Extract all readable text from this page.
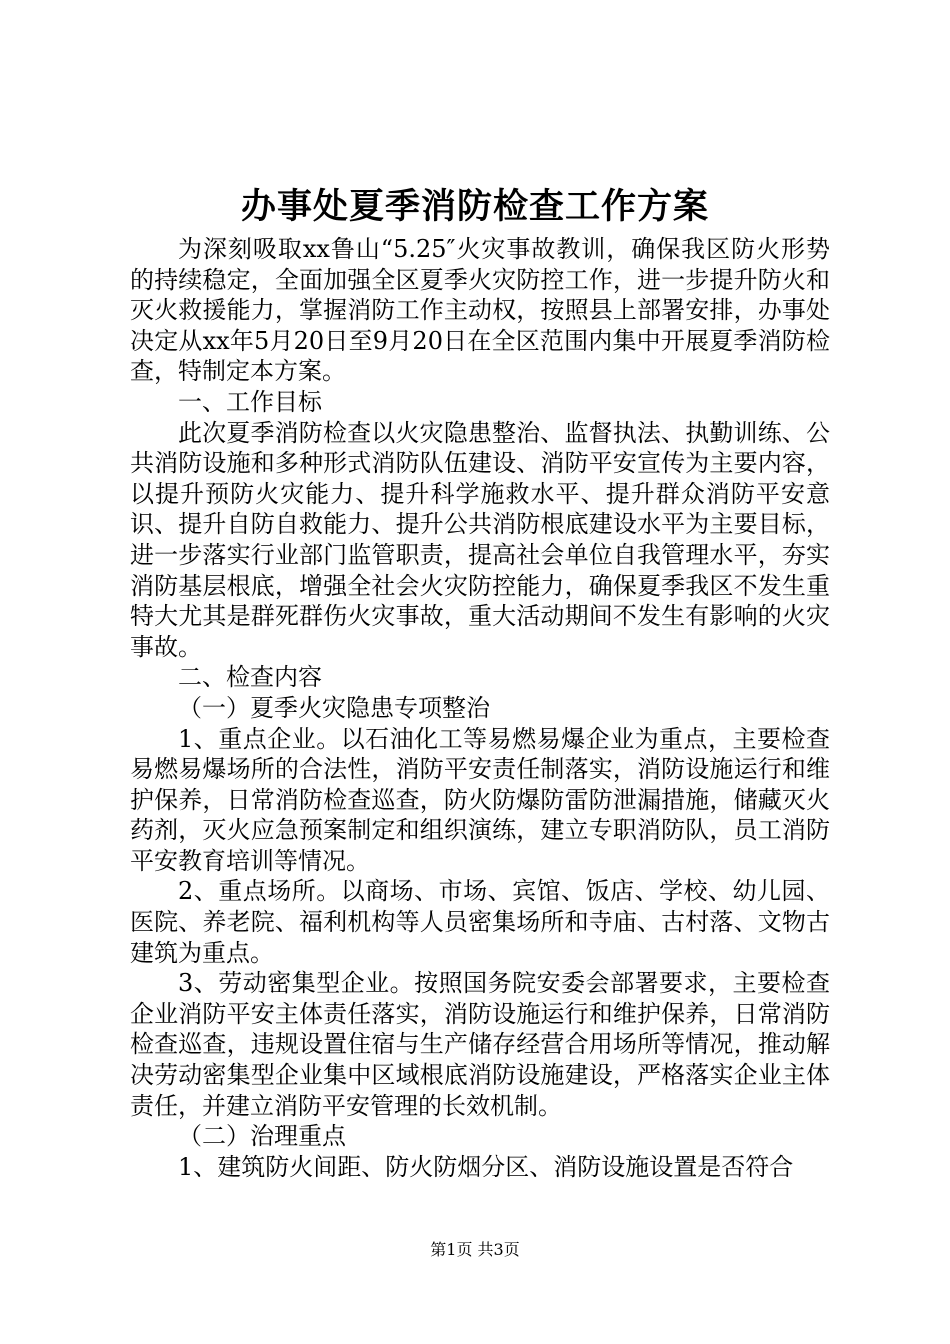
办事处夏季消防检查工作方案

为深刻吸取xx鲁山“5.25″火灾事故教训，确保我区防火形势的持续稳定，全面加强全区夏季火灾防控工作，进一步提升防火和灭火救援能力，掌握消防工作主动权，按照县上部署安排，办事处决定从xx年5月20日至9月20日在全区范围内集中开展夏季消防检查，特制定本方案。

一、工作目标

此次夏季消防检查以火灾隐患整治、监督执法、执勤训练、公共消防设施和多种形式消防队伍建设、消防平安宣传为主要内容，以提升预防火灾能力、提升科学施救水平、提升群众消防平安意识、提升自防自救能力、提升公共消防根底建设水平为主要目标，进一步落实行业部门监管职责，提高社会单位自我管理水平，夯实消防基层根底，增强全社会火灾防控能力，确保夏季我区不发生重特大尤其是群死群伤火灾事故，重大活动期间不发生有影响的火灾事故。

二、检查内容

（一）夏季火灾隐患专项整治

1、重点企业。以石油化工等易燃易爆企业为重点，主要检查易燃易爆场所的合法性，消防平安责任制落实，消防设施运行和维护保养，日常消防检查巡查，防火防爆防雷防泄漏措施，储藏灭火药剂，灭火应急预案制定和组织演练，建立专职消防队，员工消防平安教育培训等情况。

2、重点场所。以商场、市场、宾馆、饭店、学校、幼儿园、医院、养老院、福利机构等人员密集场所和寺庙、古村落、文物古建筑为重点。

3、劳动密集型企业。按照国务院安委会部署要求，主要检查企业消防平安主体责任落实，消防设施运行和维护保养，日常消防检查巡查，违规设置住宿与生产储存经营合用场所等情况，推动解决劳动密集型企业集中区域根底消防设施建设，严格落实企业主体责任，并建立消防平安管理的长效机制。

（二）治理重点

1、建筑防火间距、防火防烟分区、消防设施设置是否符合

第1页 共3页
